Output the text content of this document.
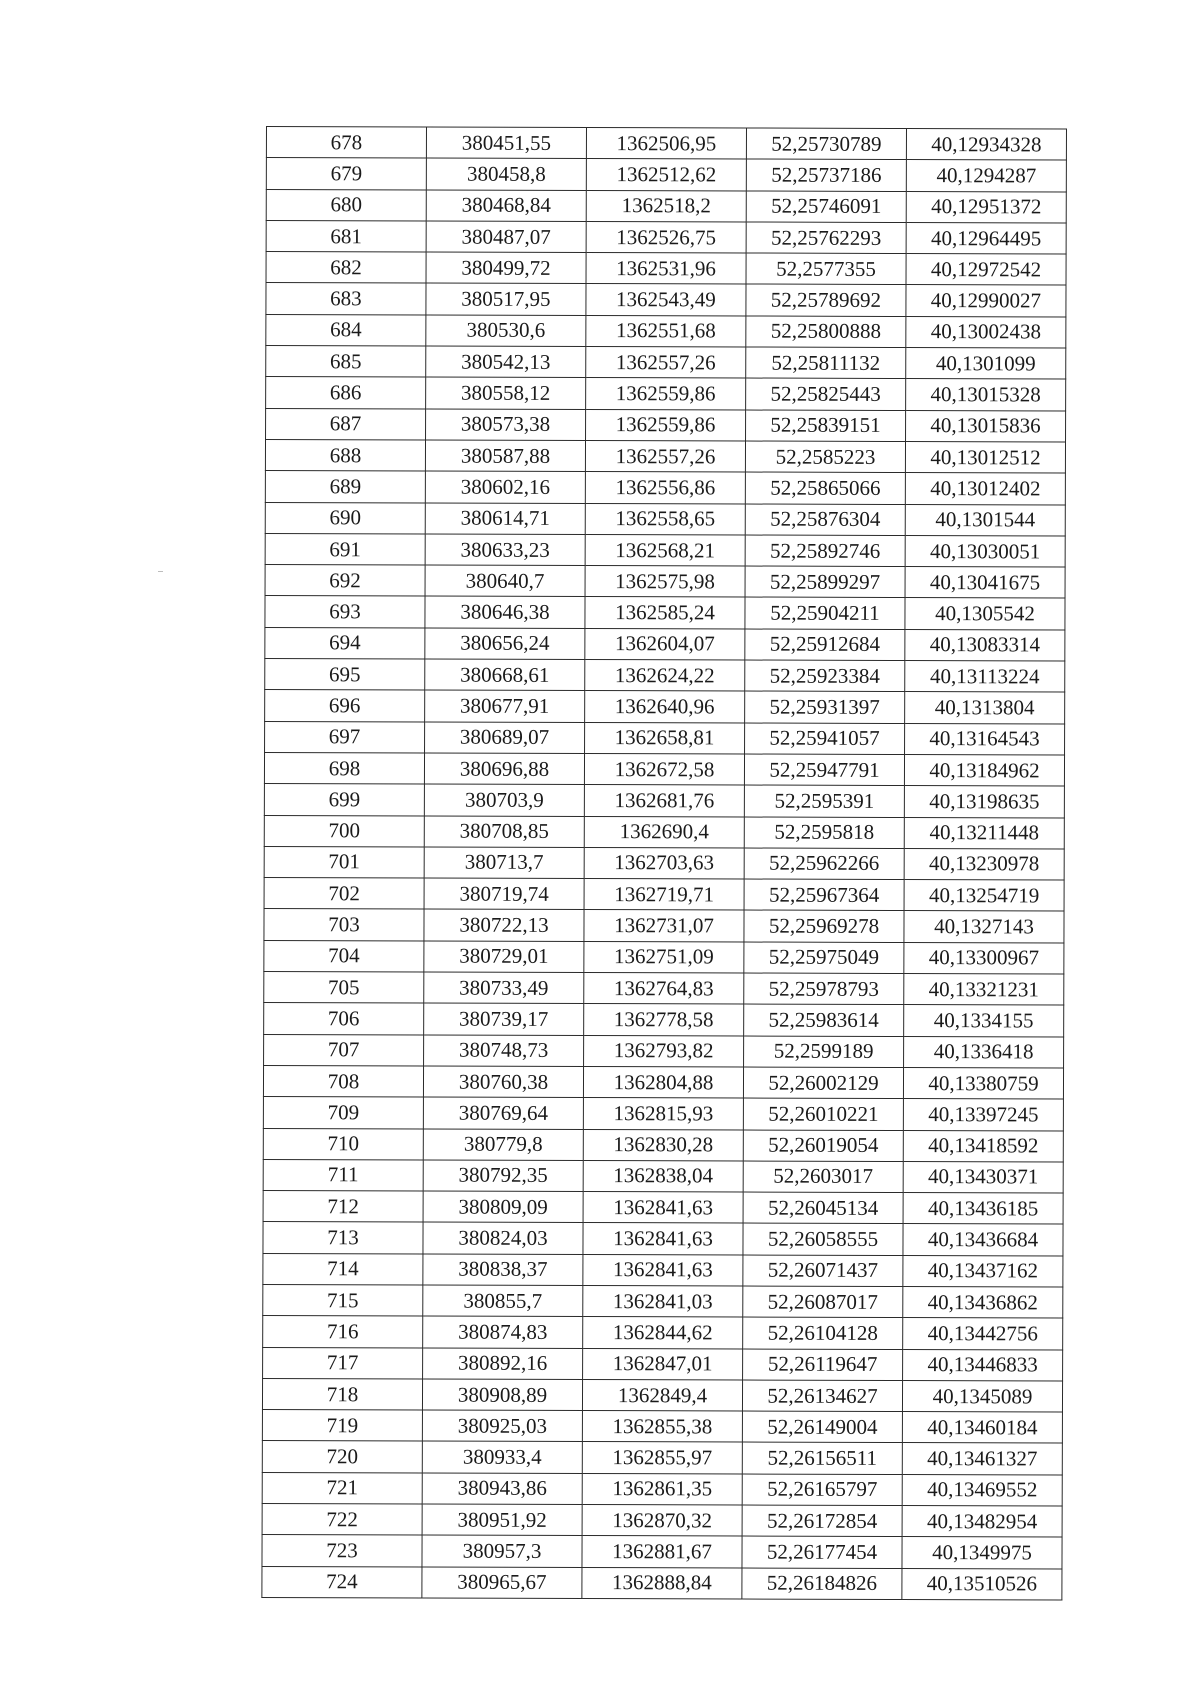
678	380451,55	1362506,95	52,25730789	40,12934328
679	380458,8	1362512,62	52,25737186	40,1294287
680	380468,84	1362518,2	52,25746091	40,12951372
681	380487,07	1362526,75	52,25762293	40,12964495
682	380499,72	1362531,96	52,2577355	40,12972542
683	380517,95	1362543,49	52,25789692	40,12990027
684	380530,6	1362551,68	52,25800888	40,13002438
685	380542,13	1362557,26	52,25811132	40,1301099
686	380558,12	1362559,86	52,25825443	40,13015328
687	380573,38	1362559,86	52,25839151	40,13015836
688	380587,88	1362557,26	52,2585223	40,13012512
689	380602,16	1362556,86	52,25865066	40,13012402
690	380614,71	1362558,65	52,25876304	40,1301544
691	380633,23	1362568,21	52,25892746	40,13030051
692	380640,7	1362575,98	52,25899297	40,13041675
693	380646,38	1362585,24	52,25904211	40,1305542
694	380656,24	1362604,07	52,25912684	40,13083314
695	380668,61	1362624,22	52,25923384	40,13113224
696	380677,91	1362640,96	52,25931397	40,1313804
697	380689,07	1362658,81	52,25941057	40,13164543
698	380696,88	1362672,58	52,25947791	40,13184962
699	380703,9	1362681,76	52,2595391	40,13198635
700	380708,85	1362690,4	52,2595818	40,13211448
701	380713,7	1362703,63	52,25962266	40,13230978
702	380719,74	1362719,71	52,25967364	40,13254719
703	380722,13	1362731,07	52,25969278	40,1327143
704	380729,01	1362751,09	52,25975049	40,13300967
705	380733,49	1362764,83	52,25978793	40,13321231
706	380739,17	1362778,58	52,25983614	40,1334155
707	380748,73	1362793,82	52,2599189	40,1336418
708	380760,38	1362804,88	52,26002129	40,13380759
709	380769,64	1362815,93	52,26010221	40,13397245
710	380779,8	1362830,28	52,26019054	40,13418592
711	380792,35	1362838,04	52,2603017	40,13430371
712	380809,09	1362841,63	52,26045134	40,13436185
713	380824,03	1362841,63	52,26058555	40,13436684
714	380838,37	1362841,63	52,26071437	40,13437162
715	380855,7	1362841,03	52,26087017	40,13436862
716	380874,83	1362844,62	52,26104128	40,13442756
717	380892,16	1362847,01	52,26119647	40,13446833
718	380908,89	1362849,4	52,26134627	40,1345089
719	380925,03	1362855,38	52,26149004	40,13460184
720	380933,4	1362855,97	52,26156511	40,13461327
721	380943,86	1362861,35	52,26165797	40,13469552
722	380951,92	1362870,32	52,26172854	40,13482954
723	380957,3	1362881,67	52,26177454	40,1349975
724	380965,67	1362888,84	52,26184826	40,13510526
